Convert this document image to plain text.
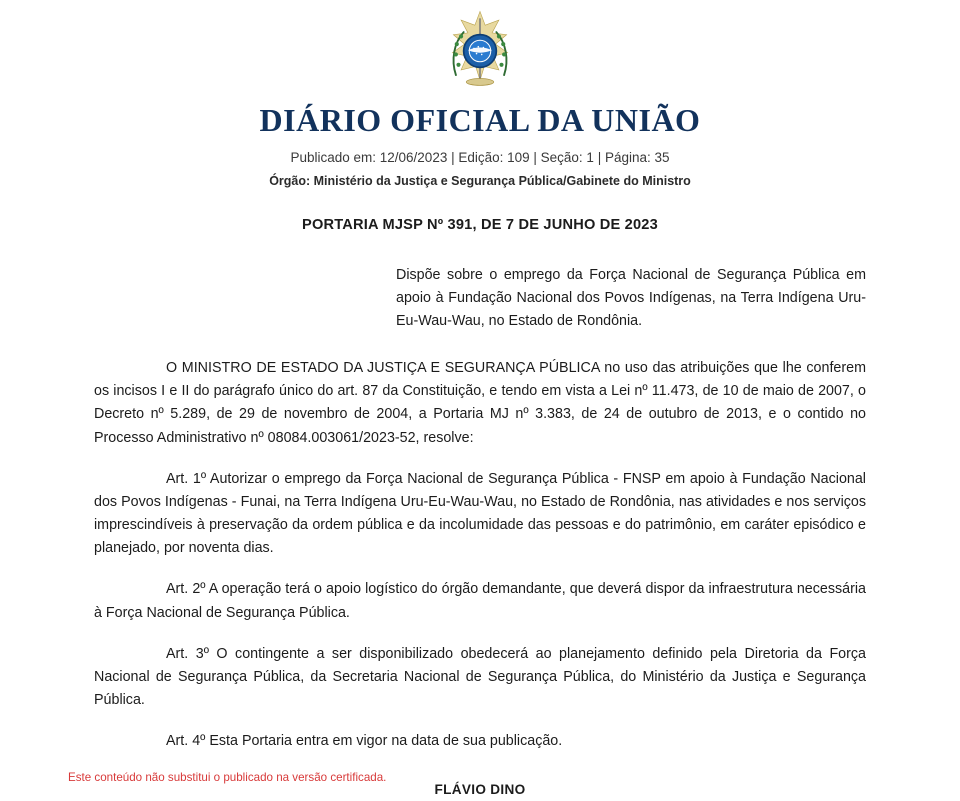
DIÁRIO OFICIAL DA UNIÃO
Publicado em: 12/06/2023 | Edição: 109 | Seção: 1 | Página: 35
Órgão: Ministério da Justiça e Segurança Pública/Gabinete do Ministro
PORTARIA MJSP Nº 391, DE 7 DE JUNHO DE 2023
Dispõe sobre o emprego da Força Nacional de Segurança Pública em apoio à Fundação Nacional dos Povos Indígenas, na Terra Indígena Uru-Eu-Wau-Wau, no Estado de Rondônia.

O MINISTRO DE ESTADO DA JUSTIÇA E SEGURANÇA PÚBLICA no uso das atribuições que lhe conferem os incisos I e II do parágrafo único do art. 87 da Constituição, e tendo em vista a Lei nº 11.473, de 10 de maio de 2007, o Decreto nº 5.289, de 29 de novembro de 2004, a Portaria MJ nº 3.383, de 24 de outubro de 2013, e o contido no Processo Administrativo nº 08084.003061/2023-52, resolve:

Art. 1º Autorizar o emprego da Força Nacional de Segurança Pública - FNSP em apoio à Fundação Nacional dos Povos Indígenas - Funai, na Terra Indígena Uru-Eu-Wau-Wau, no Estado de Rondônia, nas atividades e nos serviços imprescindíveis à preservação da ordem pública e da incolumidade das pessoas e do patrimônio, em caráter episódico e planejado, por noventa dias.

Art. 2º A operação terá o apoio logístico do órgão demandante, que deverá dispor da infraestrutura necessária à Força Nacional de Segurança Pública.

Art. 3º O contingente a ser disponibilizado obedecerá ao planejamento definido pela Diretoria da Força Nacional de Segurança Pública, da Secretaria Nacional de Segurança Pública, do Ministério da Justiça e Segurança Pública.

Art. 4º Esta Portaria entra em vigor na data de sua publicação.

FLÁVIO DINO
Este conteúdo não substitui o publicado na versão certificada.
